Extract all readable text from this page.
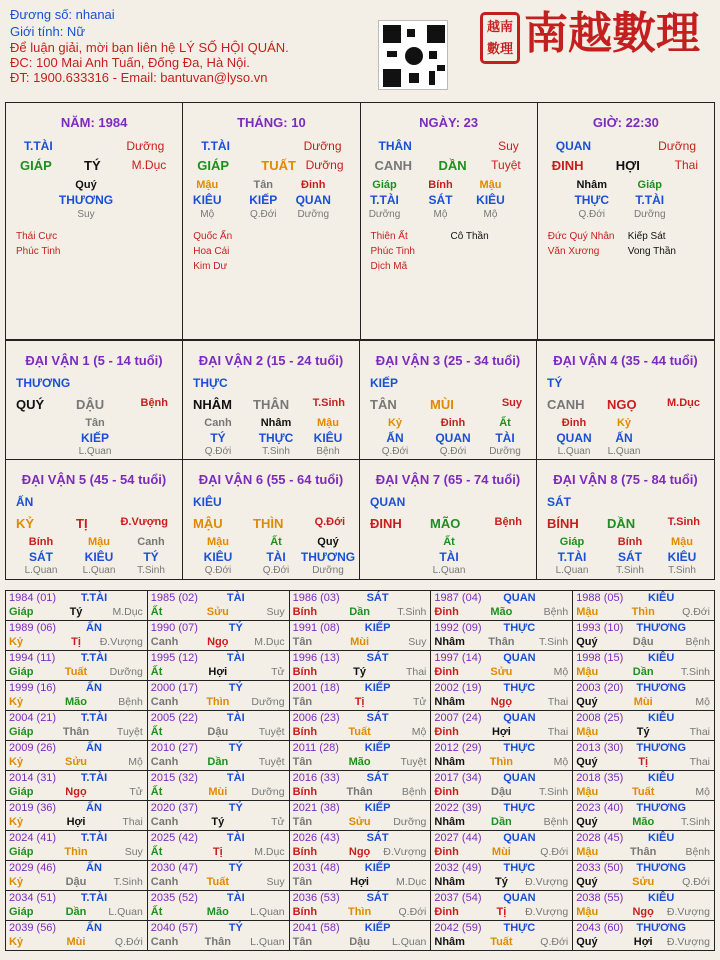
Đương số: nhanai
Giới tính: Nữ
Để luận giải, mời bạn liên hệ LÝ SỐ HỘI QUÁN.
ĐC: 100 Mai Anh Tuấn, Đống Đa, Hà Nội.
ĐT: 1900.633316 - Email: bantuvan@lyso.vn
越南
數理 南越數理
NĂM: 1984
T.TÀI	Dưỡng
GIÁP TÝ	M.Dục
Quý
THƯƠNG
Suy
Thái Cực
Phúc Tinh
THÁNG: 10
T.TÀI	Dưỡng
GIÁP TUẤT Dưỡng
Mậu
KIÊU
Mộ
Tân
KIẾP
Q.Đới
Đinh
QUAN
Dưỡng
Quốc Ấn
Hoa Cái
Kim Dư
NGÀY: 23
THÂN	Suy
CANH DẦN Tuyệt
Giáp
T.TÀI
Dưỡng
Bính
SÁT
Mộ
Mậu
KIÊU
Mộ
Thiên Ất
Phúc Tinh
Dịch Mã
Cô Thần
GIỜ: 22:30
QUAN	Dưỡng
ĐINH HỢI	Thai
Nhâm
THỰC
Q.Đới
Giáp
T.TÀI
Dưỡng
Đức Quý Nhân
Văn Xương
Kiếp Sát
Vong Thần
ĐẠI VẬN 1 (5 - 14 tuổi)
THƯƠNG
QUÝ DẬU	Bệnh
Tân
KIẾP
L.Quan
ĐẠI VẬN 2 (15 - 24 tuổi)
THỰC
NHÂM THÂN T.Sinh
Canh
TÝ
Q.Đới
Nhâm
THỰC
T.Sinh
Mậu
KIÊU
Bệnh
ĐẠI VẬN 3 (25 - 34 tuổi)
KIẾP
TÂN	MÙI	Suy
Kỷ
ẤN
Q.Đới
Đinh
QUAN
Q.Đới
Ất
TÀI
Dưỡng
ĐẠI VẬN 4 (35 - 44 tuổi)
TÝ
CANH NGỌ	M.Dục
Đinh
QUAN
L.Quan
Kỷ
ẤN
L.Quan
ĐẠI VẬN 5 (45 - 54 tuổi)
ẤN
KỶ	TỊ	Đ.Vượng
Bính
SÁT
L.Quan
Mậu
KIÊU
L.Quan
Canh
TÝ
T.Sinh
ĐẠI VẬN 6 (55 - 64 tuổi)
KIÊU
MẬU THÌN	Q.Đới
Mậu
KIÊU
Q.Đới
Ất
TÀI
Q.Đới
Quý
THƯƠNG
Dưỡng
ĐẠI VẬN 7 (65 - 74 tuổi)
QUAN
ĐINH MÃO	Bệnh
Ất
TÀI
L.Quan
ĐẠI VẬN 8 (75 - 84 tuổi)
SÁT
BÍNH DẦN	T.Sinh
Giáp
T.TÀI
L.Quan
Bính
SÁT
T.Sinh
Mậu
KIÊU
T.Sinh
1984 (01)	T.TÀI
Giáp	Tý	M.Dục
1985 (02)	TÀI
Ất	Sửu	Suy
1986 (03)	SÁT
Bính	Dần	T.Sinh
1987 (04)	QUAN
Đinh	Mão	Bệnh
1988 (05)	KIÊU
Mậu	Thìn	Q.Đới
1989 (06)	ẤN
Kỷ	Tị	Đ.Vượng
1990 (07)	TÝ
Canh	Ngọ	M.Dục
1991 (08)	KIẾP
Tân	Mùi	Suy
1992 (09)	THỰC
Nhâm	Thân	T.Sinh
1993 (10)	THƯƠNG
Quý	Dậu	Bệnh
1994 (11)	T.TÀI
Giáp	Tuất	Dưỡng
1995 (12)	TÀI
Ất	Hợi	Tử
1996 (13)	SÁT
Bính	Tý	Thai
1997 (14)	QUAN
Đinh	Sửu	Mộ
1998 (15)	KIÊU
Mậu	Dần	T.Sinh
1999 (16)	ẤN
Kỷ	Mão	Bệnh
2000 (17)	TÝ
Canh	Thìn	Dưỡng
2001 (18)	KIẾP
Tân	Tị	Tử
2002 (19)	THỰC
Nhâm	Ngọ	Thai
2003 (20)	THƯƠNG
Quý	Mùi	Mộ
2004 (21)	T.TÀI
Giáp	Thân	Tuyệt
2005 (22)	TÀI
Ất	Dậu	Tuyệt
2006 (23)	SÁT
Bính	Tuất	Mộ
2007 (24)	QUAN
Đinh	Hợi	Thai
2008 (25)	KIÊU
Mậu	Tý	Thai
2009 (26)	ẤN
Kỷ	Sửu	Mộ
2010 (27)	TÝ
Canh	Dần	Tuyệt
2011 (28)	KIẾP
Tân	Mão	Tuyệt
2012 (29)	THỰC
Nhâm	Thìn	Mộ
2013 (30)	THƯƠNG
Quý	Tị	Thai
2014 (31)	T.TÀI
Giáp	Ngọ	Tử
2015 (32)	TÀI
Ất	Mùi	Dưỡng
2016 (33)	SÁT
Bính	Thân	Bệnh
2017 (34)	QUAN
Đinh	Dậu	T.Sinh
2018 (35)	KIÊU
Mậu	Tuất	Mộ
2019 (36)	ẤN
Kỷ	Hợi	Thai
2020 (37)	TÝ
Canh	Tý	Tử
2021 (38)	KIẾP
Tân	Sửu	Dưỡng
2022 (39)	THỰC
Nhâm	Dần	Bệnh
2023 (40)	THƯƠNG
Quý	Mão	T.Sinh
2024 (41)	T.TÀI
Giáp	Thìn	Suy
2025 (42)	TÀI
Ất	Tị	M.Dục
2026 (43)	SÁT
Bính	Ngọ	Đ.Vượng
2027 (44)	QUAN
Đinh	Mùi	Q.Đới
2028 (45)	KIÊU
Mậu	Thân	Bệnh
2029 (46)	ẤN
Kỷ	Dậu	T.Sinh
2030 (47)	TÝ
Canh	Tuất	Suy
2031 (48)	KIẾP
Tân	Hợi	M.Dục
2032 (49)	THỰC
Nhâm	Tý	Đ.Vượng
2033 (50)	THƯƠNG
Quý	Sửu	Q.Đới
2034 (51)	T.TÀI
Giáp	Dần	L.Quan
2035 (52)	TÀI
Ất	Mão	L.Quan
2036 (53)	SÁT
Bính	Thìn	Q.Đới
2037 (54)	QUAN
Đinh	Tị	Đ.Vượng
2038 (55)	KIÊU
Mậu	Ngọ	Đ.Vượng
2039 (56)	ẤN
Kỷ	Mùi	Q.Đới
2040 (57)	TÝ
Canh	Thân	L.Quan
2041 (58)	KIẾP
Tân	Dậu	L.Quan
2042 (59)	THỰC
Nhâm	Tuất	Q.Đới
2043 (60)	THƯƠNG
Quý	Hợi	Đ.Vượng
